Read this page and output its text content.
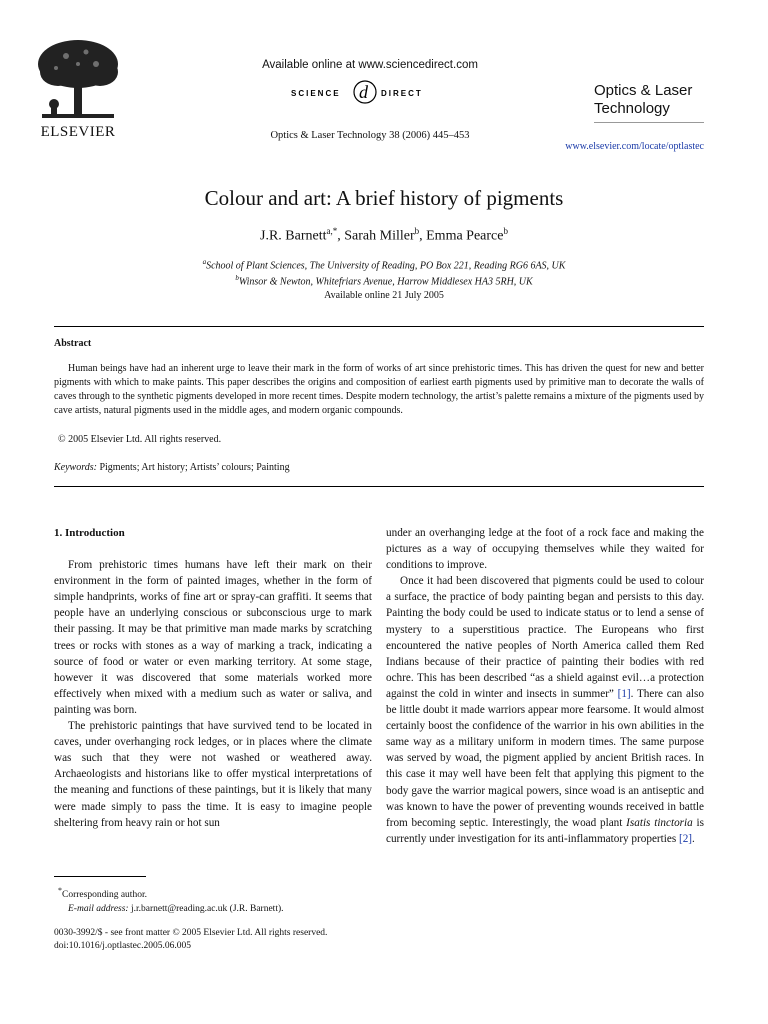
ELSEVIER
Available online at www.sciencedirect.com
SCIENCE d DIRECT
Optics & Laser Technology 38 (2006) 445–453
Optics & Laser
Technology
www.elsevier.com/locate/optlastec
Colour and art: A brief history of pigments
J.R. Barnett$^{a,*}$, Sarah Miller$^b$, Emma Pearce$^b$
$^a$School of Plant Sciences, The University of Reading, PO Box 221, Reading RG6 6AS, UK
$^b$Winsor & Newton, Whitefriars Avenue, Harrow Middlesex HA3 5RH, UK
Available online 21 July 2005
Abstract
Human beings have had an inherent urge to leave their mark in the form of works of art since prehistoric times. This has driven the quest for new and better pigments with which to make paints. This paper describes the origins and composition of earliest earth pigments used by primitive man to decorate the walls of caves through to the synthetic pigments developed in more recent times. Despite modern technology, the artist’s palette remains a mixture of the pigments used by cave artists, natural pigments used in the middle ages, and modern organic compounds.
© 2005 Elsevier Ltd. All rights reserved.
Keywords: Pigments; Art history; Artists’ colours; Painting
1. Introduction

From prehistoric times humans have left their mark on their environment in the form of painted images, whether in the form of simple handprints, works of fine art or spray-can graffiti. It seems that people have an underlying conscious or subconscious urge to mark their passing. It may be that primitive man made marks by scratching trees or rocks with stones as a way of marking a track, indicating a source of food or water or even marking territory. At some stage, however it was discovered that some materials worked more effectively when mixed with a medium such as water or saliva, and painting was born.

The prehistoric paintings that have survived tend to be located in caves, under overhanging rock ledges, or in places where the climate was such that they were not washed or weathered away. Archaeologists and historians like to offer mystical interpretations of the meaning and functions of these paintings, but it is likely that many were made simply to pass the time. It is easy to imagine people sheltering from heavy rain or hot sun

under an overhanging ledge at the foot of a rock face and making the pictures as a way of occupying themselves while they waited for conditions to improve.

Once it had been discovered that pigments could be used to colour a surface, the practice of body painting began and persists to this day. Painting the body could be used to indicate status or to lend a sense of mystery to a superstitious practice. The Europeans who first encountered the native peoples of North America called them Red Indians because of their practice of painting their bodies with red ochre. This has been described “as a shield against evil…a protection against the cold in winter and insects in summer” [1]. There can also be little doubt it made warriors appear more fearsome. It would almost certainly boost the confidence of the warrior in his own abilities in the same way as a military uniform in modern times. The same purpose was served by woad, the pigment applied by ancient British races. In this case it may well have been felt that applying this pigment to the body gave the warrior magical powers, since woad is an antiseptic and was known to have the power of preventing wounds received in battle from becoming septic. Interestingly, the woad plant Isatis tinctoria is currently under investigation for its anti-inflammatory properties [2].

*Corresponding author.
E-mail address: j.r.barnett@reading.ac.uk (J.R. Barnett).
0030-3992/$ - see front matter © 2005 Elsevier Ltd. All rights reserved.
doi:10.1016/j.optlastec.2005.06.005
